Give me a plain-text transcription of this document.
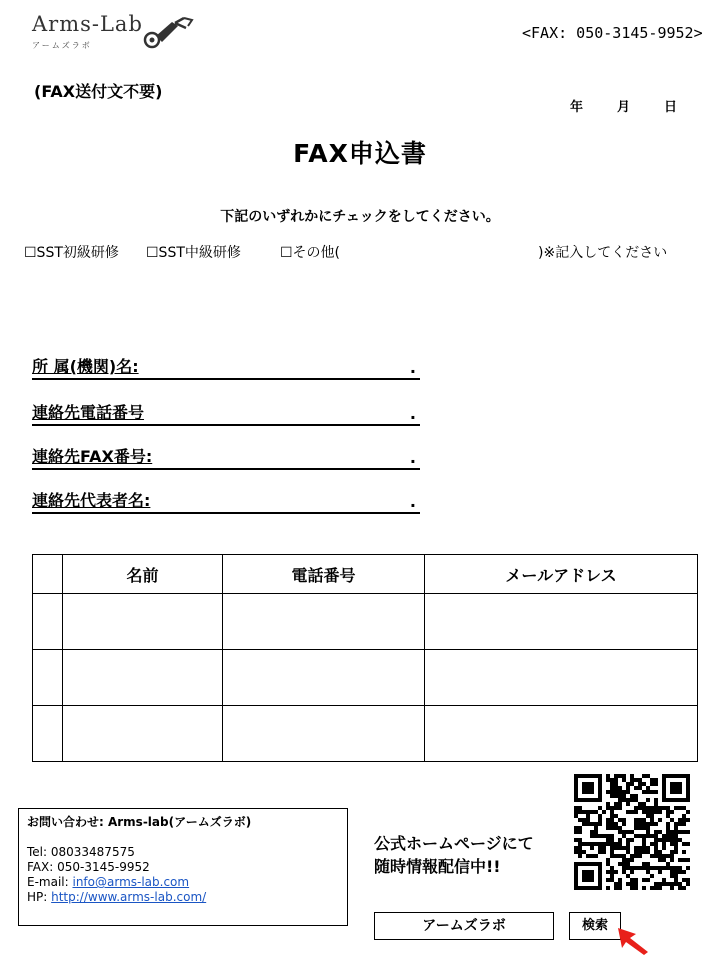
Arms-Lab
アームズラボ
<FAX: 050-3145-9952>
(FAX送付文不要)
年	月	日
FAX申込書
下記のいずれかにチェックをしてください。
☐SST初級研修 ☐SST中級研修	☐その他(	)※記入してください
所 属(機関)名:	.
連絡先電話番号	.
連絡先FAX番号:	.
連絡先代表者名:	.
	名前	電話番号	メールアドレス

お問い合わせ: Arms-lab(アームズラボ)

Tel: 08033487575
FAX: 050-3145-9952
E-mail: info@arms-lab.com
HP: http://www.arms-lab.com/
公式ホームページにて
随時情報配信中!!
アームズラボ	検索
